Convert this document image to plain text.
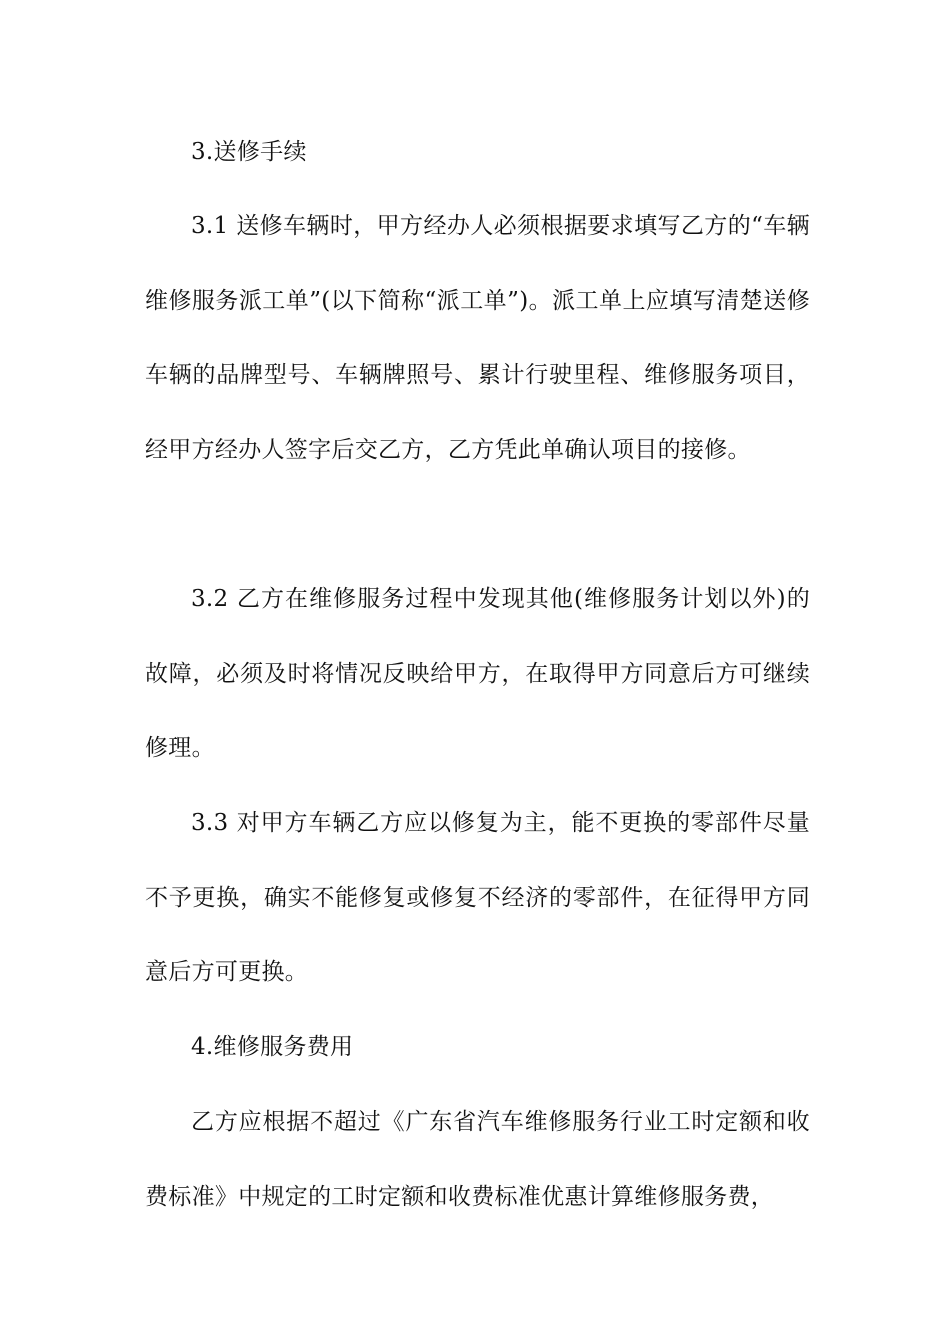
3.送修手续

3.1 送修车辆时，甲方经办人必须根据要求填写乙方的“车辆维修服务派工单”(以下简称“派工单”)。派工单上应填写清楚送修车辆的品牌型号、车辆牌照号、累计行驶里程、维修服务项目，经甲方经办人签字后交乙方，乙方凭此单确认项目的接修。

3.2 乙方在维修服务过程中发现其他(维修服务计划以外)的故障，必须及时将情况反映给甲方，在取得甲方同意后方可继续修理。

3.3 对甲方车辆乙方应以修复为主，能不更换的零部件尽量不予更换，确实不能修复或修复不经济的零部件，在征得甲方同意后方可更换。

4.维修服务费用

乙方应根据不超过《广东省汽车维修服务行业工时定额和收费标准》中规定的工时定额和收费标准优惠计算维修服务费，
